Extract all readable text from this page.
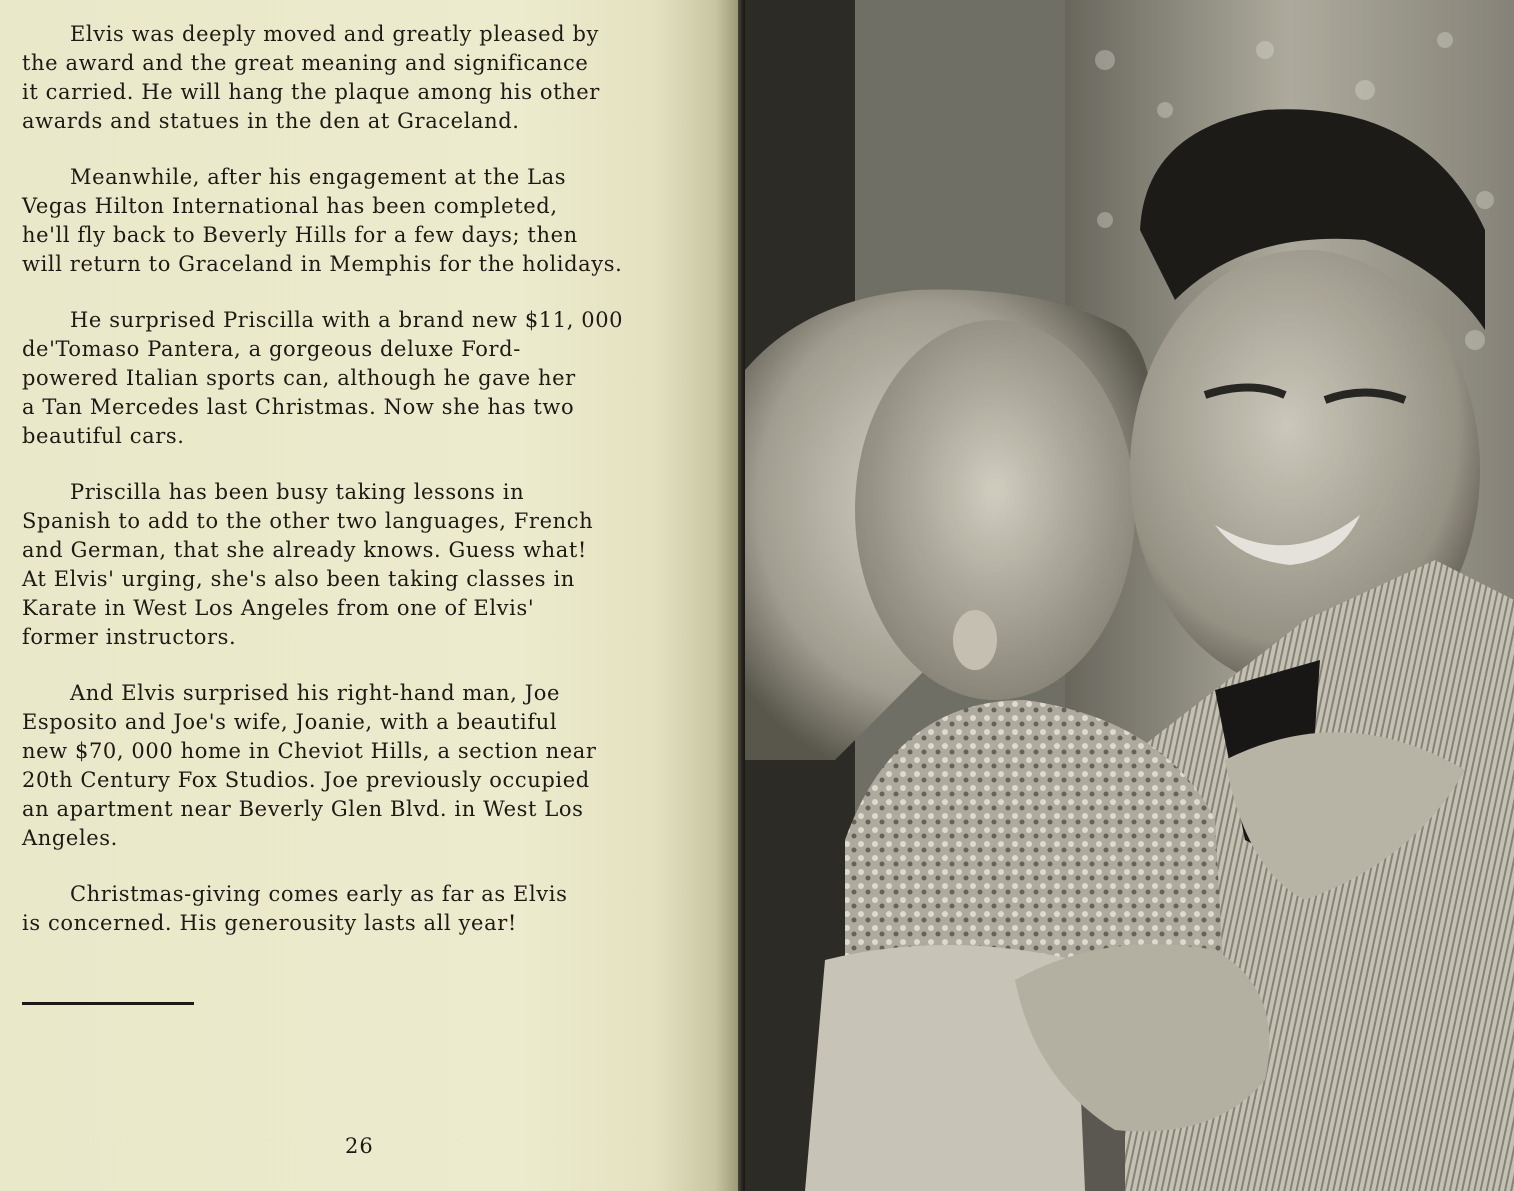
Elvis was deeply moved and greatly pleased by
the award and the great meaning and significance
it carried. He will hang the plaque among his other
awards and statues in the den at Graceland.

Meanwhile, after his engagement at the Las
Vegas Hilton International has been completed,
he'll fly back to Beverly Hills for a few days; then
will return to Graceland in Memphis for the holidays.

He surprised Priscilla with a brand new $11, 000
de'Tomaso Pantera, a gorgeous deluxe Ford-
powered Italian sports can, although he gave her
a Tan Mercedes last Christmas. Now she has two
beautiful cars.

Priscilla has been busy taking lessons in
Spanish to add to the other two languages, French
and German, that she already knows. Guess what!
At Elvis' urging, she's also been taking classes in
Karate in West Los Angeles from one of Elvis'
former instructors.

And Elvis surprised his right-hand man, Joe
Esposito and Joe's wife, Joanie, with a beautiful
new $70, 000 home in Cheviot Hills, a section near
20th Century Fox Studios. Joe previously occupied
an apartment near Beverly Glen Blvd. in West Los
Angeles.

Christmas-giving comes early as far as Elvis
is concerned. His generousity lasts all year!

26
